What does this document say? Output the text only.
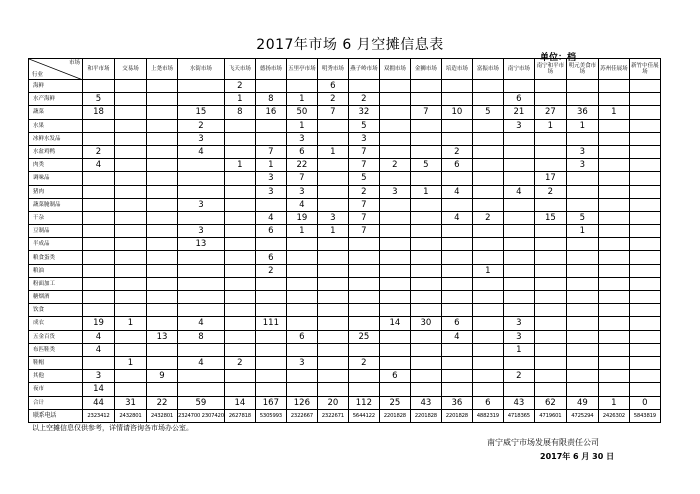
2017年市场 6 月空摊信息表
单位：档
市场
行业	和平市场	交易场	上尧市场	水街市场	飞天市场	德扬市场	五里亭市场	明秀市场	燕子岭市场	双拥市场	金狮市场	培造市场	富振市场	南宁市场	南宁和平市场	明元美食市场	苏州佳展场	新竹中佳展场
海鲜					2			6										
水产海鲜	5				1	8	1	2	2					6				
蔬菜	18			15	8	16	50	7	32		7	10	5	21	27	36	1	
水果				2			1		5					3	1	1		
冰鲜水发品				3			3		3									
水盆鸡鸭	2			4		7	6	1	7			2				3		
肉类	4				1	1	22		7	2	5	6				3		
调味品						3	7		5						17			
猪肉						3	3		2	3	1	4		4	2			
蔬菜腌制品				3			4		7									
干杂						4	19	3	7			4	2		15	5		
豆制品				3		6	1	1	7							1		
半成品				13														
粮食蛋类						6												
粮油						2							1					
粉面加工																		
糖烟酒																		
饮食																		
成衣	19	1		4		111				14	30	6		3				
五金百货	4		13	8			6		25			4		3				
布匹鞋类	4													1				
鞋帽		1		4	2		3		2									
其他	3		9							6				2				
夜市	14																	
合计	44	31	22	59	14	167	126	20	112	25	43	36	6	43	62	49	1	0
联系电话	2323412	2432801	2432801	2324700 2307420	2627818	5305993	2322667	2322671	5644122	2201828	2201828	2201828	4882319	4718365	4719601	4725294	2426302	5843819
以上空摊信息仅供参考，详情请咨询各市场办公室。
南宁威宁市场发展有限责任公司
2017年 6 月 30 日
